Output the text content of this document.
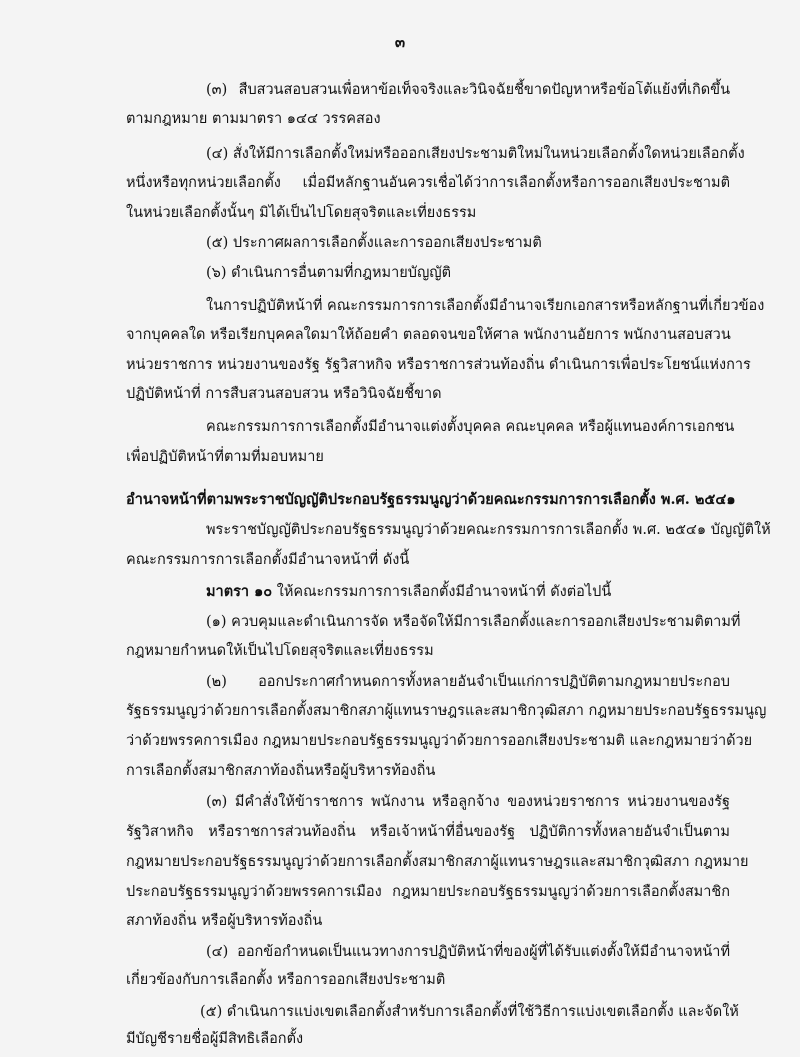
๓
(๓) สืบสวนสอบสวนเพื่อหาข้อเท็จจริงและวินิจฉัยชี้ขาดปัญหาหรือข้อโต้แย้งที่เกิดขึ้น
ตามกฎหมาย ตามมาตรา ๑๔๔ วรรคสอง
(๔) สั่งให้มีการเลือกตั้งใหม่หรือออกเสียงประชามติใหม่ในหน่วยเลือกตั้งใดหน่วยเลือกตั้ง
หนึ่งหรือทุกหน่วยเลือกตั้ง เมื่อมีหลักฐานอันควรเชื่อได้ว่าการเลือกตั้งหรือการออกเสียงประชามติ
ในหน่วยเลือกตั้งนั้นๆ มิได้เป็นไปโดยสุจริตและเที่ยงธรรม
(๕) ประกาศผลการเลือกตั้งและการออกเสียงประชามติ
(๖) ดำเนินการอื่นตามที่กฎหมายบัญญัติ
ในการปฏิบัติหน้าที่ คณะกรรมการการเลือกตั้งมีอำนาจเรียกเอกสารหรือหลักฐานที่เกี่ยวข้อง
จากบุคคลใด หรือเรียกบุคคลใดมาให้ถ้อยคำ ตลอดจนขอให้ศาล พนักงานอัยการ พนักงานสอบสวน
หน่วยราชการ หน่วยงานของรัฐ รัฐวิสาหกิจ หรือราชการส่วนท้องถิ่น ดำเนินการเพื่อประโยชน์แห่งการ
ปฏิบัติหน้าที่ การสืบสวนสอบสวน หรือวินิจฉัยชี้ขาด
คณะกรรมการการเลือกตั้งมีอำนาจแต่งตั้งบุคคล คณะบุคคล หรือผู้แทนองค์การเอกชน
เพื่อปฏิบัติหน้าที่ตามที่มอบหมาย
อำนาจหน้าที่ตามพระราชบัญญัติประกอบรัฐธรรมนูญว่าด้วยคณะกรรมการการเลือกตั้ง พ.ศ. ๒๕๔๑
พระราชบัญญัติประกอบรัฐธรรมนูญว่าด้วยคณะกรรมการการเลือกตั้ง พ.ศ. ๒๕๔๑ บัญญัติให้
คณะกรรมการการเลือกตั้งมีอำนาจหน้าที่ ดังนี้
มาตรา ๑๐ ให้คณะกรรมการการเลือกตั้งมีอำนาจหน้าที่ ดังต่อไปนี้
(๑) ควบคุมและดำเนินการจัด หรือจัดให้มีการเลือกตั้งและการออกเสียงประชามติตามที่
กฎหมายกำหนดให้เป็นไปโดยสุจริตและเที่ยงธรรม
(๒) ออกประกาศกำหนดการทั้งหลายอันจำเป็นแก่การปฏิบัติตามกฎหมายประกอบ
รัฐธรรมนูญว่าด้วยการเลือกตั้งสมาชิกสภาผู้แทนราษฎรและสมาชิกวุฒิสภา กฎหมายประกอบรัฐธรรมนูญ
ว่าด้วยพรรคการเมือง กฎหมายประกอบรัฐธรรมนูญว่าด้วยการออกเสียงประชามติ และกฎหมายว่าด้วย
การเลือกตั้งสมาชิกสภาท้องถิ่นหรือผู้บริหารท้องถิ่น
(๓) มีคำสั่งให้ข้าราชการ พนักงาน หรือลูกจ้าง ของหน่วยราชการ หน่วยงานของรัฐ
รัฐวิสาหกิจ หรือราชการส่วนท้องถิ่น หรือเจ้าหน้าที่อื่นของรัฐ ปฏิบัติการทั้งหลายอันจำเป็นตาม
กฎหมายประกอบรัฐธรรมนูญว่าด้วยการเลือกตั้งสมาชิกสภาผู้แทนราษฎรและสมาชิกวุฒิสภา กฎหมาย
ประกอบรัฐธรรมนูญว่าด้วยพรรคการเมือง กฎหมายประกอบรัฐธรรมนูญว่าด้วยการเลือกตั้งสมาชิก
สภาท้องถิ่น หรือผู้บริหารท้องถิ่น
(๔) ออกข้อกำหนดเป็นแนวทางการปฏิบัติหน้าที่ของผู้ที่ได้รับแต่งตั้งให้มีอำนาจหน้าที่
เกี่ยวข้องกับการเลือกตั้ง หรือการออกเสียงประชามติ
(๕) ดำเนินการแบ่งเขตเลือกตั้งสำหรับการเลือกตั้งที่ใช้วิธีการแบ่งเขตเลือกตั้ง และจัดให้
มีบัญชีรายชื่อผู้มีสิทธิเลือกตั้ง
